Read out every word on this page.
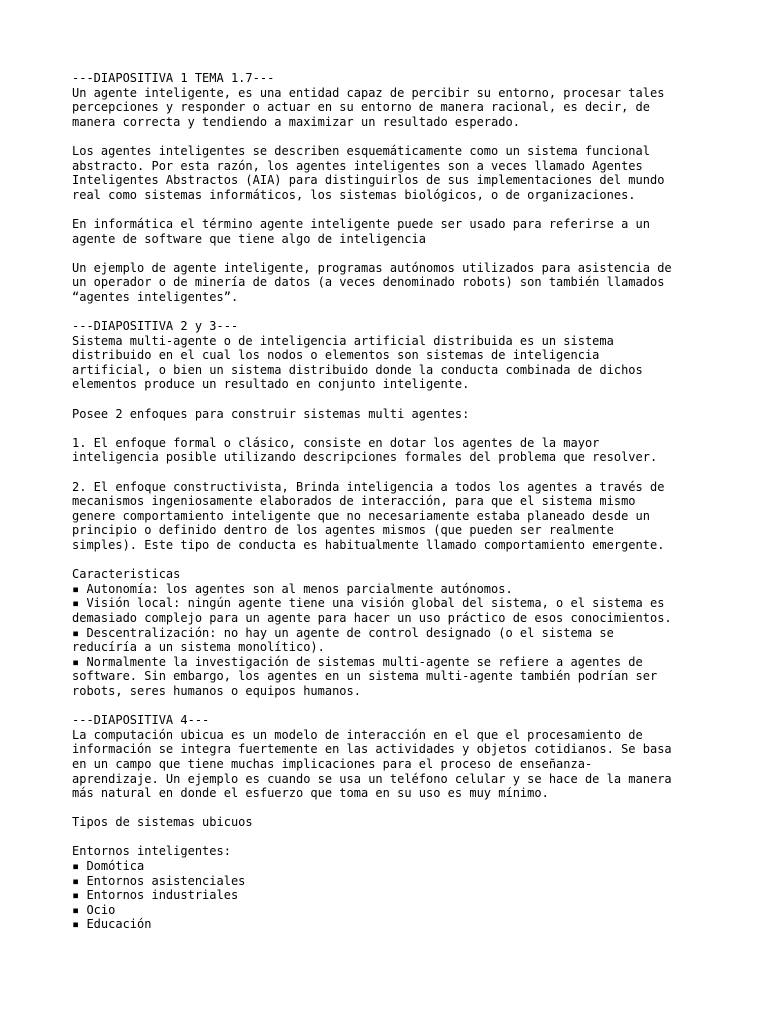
---DIAPOSITIVA 1 TEMA 1.7---
Un agente inteligente, es una entidad capaz de percibir su entorno, procesar tales
percepciones y responder o actuar en su entorno de manera racional, es decir, de
manera correcta y tendiendo a maximizar un resultado esperado.
Los agentes inteligentes se describen esquemáticamente como un sistema funcional
abstracto. Por esta razón, los agentes inteligentes son a veces llamado Agentes
Inteligentes Abstractos (AIA) para distinguirlos de sus implementaciones del mundo
real como sistemas informáticos, los sistemas biológicos, o de organizaciones.
En informática el término agente inteligente puede ser usado para referirse a un
agente de software que tiene algo de inteligencia
Un ejemplo de agente inteligente, programas autónomos utilizados para asistencia de
un operador o de minería de datos (a veces denominado robots) son también llamados
“agentes inteligentes”.
---DIAPOSITIVA 2 y 3---
Sistema multi-agente o de inteligencia artificial distribuida es un sistema
distribuido en el cual los nodos o elementos son sistemas de inteligencia
artificial, o bien un sistema distribuido donde la conducta combinada de dichos
elementos produce un resultado en conjunto inteligente.
Posee 2 enfoques para construir sistemas multi agentes:
1. El enfoque formal o clásico, consiste en dotar los agentes de la mayor
inteligencia posible utilizando descripciones formales del problema que resolver.
2. El enfoque constructivista, Brinda inteligencia a todos los agentes a través de
mecanismos ingeniosamente elaborados de interacción, para que el sistema mismo
genere comportamiento inteligente que no necesariamente estaba planeado desde un
principio o definido dentro de los agentes mismos (que pueden ser realmente
simples). Este tipo de conducta es habitualmente llamado comportamiento emergente.
Caracteristicas
▪ Autonomía: los agentes son al menos parcialmente autónomos.
▪ Visión local: ningún agente tiene una visión global del sistema, o el sistema es
demasiado complejo para un agente para hacer un uso práctico de esos conocimientos.
▪ Descentralización: no hay un agente de control designado (o el sistema se
reducíría a un sistema monolítico).
▪ Normalmente la investigación de sistemas multi-agente se refiere a agentes de
software. Sin embargo, los agentes en un sistema multi-agente también podrían ser
robots, seres humanos o equipos humanos.
---DIAPOSITIVA 4---
La computación ubicua es un modelo de interacción en el que el procesamiento de
información se integra fuertemente en las actividades y objetos cotidianos. Se basa
en un campo que tiene muchas implicaciones para el proceso de enseñanza-
aprendizaje. Un ejemplo es cuando se usa un teléfono celular y se hace de la manera
más natural en donde el esfuerzo que toma en su uso es muy mínimo.
Tipos de sistemas ubicuos
Entornos inteligentes:
▪ Domótica
▪ Entornos asistenciales
▪ Entornos industriales
▪ Ocio
▪ Educación
